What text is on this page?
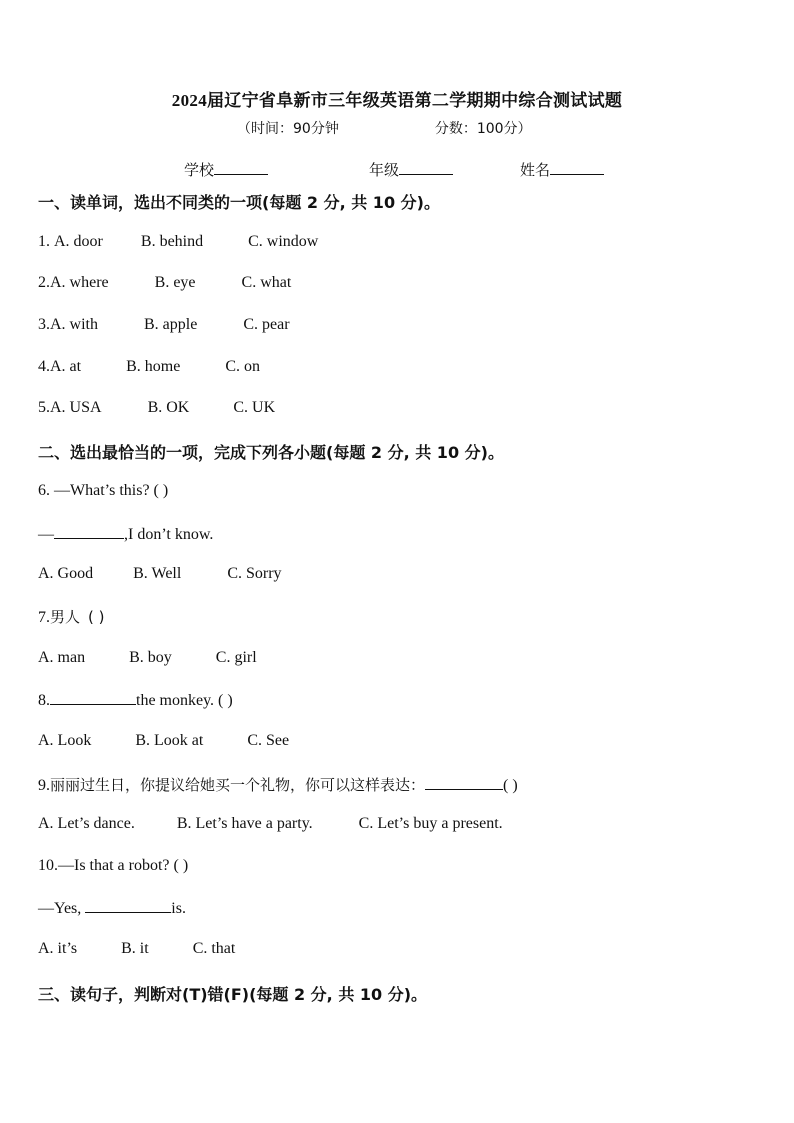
2024届辽宁省阜新市三年级英语第二学期期中综合测试试题
（时间：90分钟	分数：100分）
学校	年级	姓名
一、读单词，选出不同类的一项(每题 2 分, 共 10 分)。
1. A. door B. behind	C. window
2.A. where	B. eye	C. what
3.A. with	B. apple	C. pear
4.A. at	B. home	C. on
5.A. USA	B. OK	C. UK
二、选出最恰当的一项，完成下列各小题(每题 2 分, 共 10 分)。
6. —What’s this? ( )
—	,I don’t know.
A. Good	B. Well	C. Sorry
7.男人 ( )
A. man	B. boy	C. girl
8.	the monkey. ( )
A. Look	B. Look at	C. See
9.丽丽过生日，你提议给她买一个礼物，你可以这样表达：	( )
A. Let’s dance.	B. Let’s have a party.	C. Let’s buy a present.
10.—Is that a robot? ( )
—Yes,	is.
A. it’s	B. it	C. that
三、读句子，判断对(T)错(F)(每题 2 分, 共 10 分)。
